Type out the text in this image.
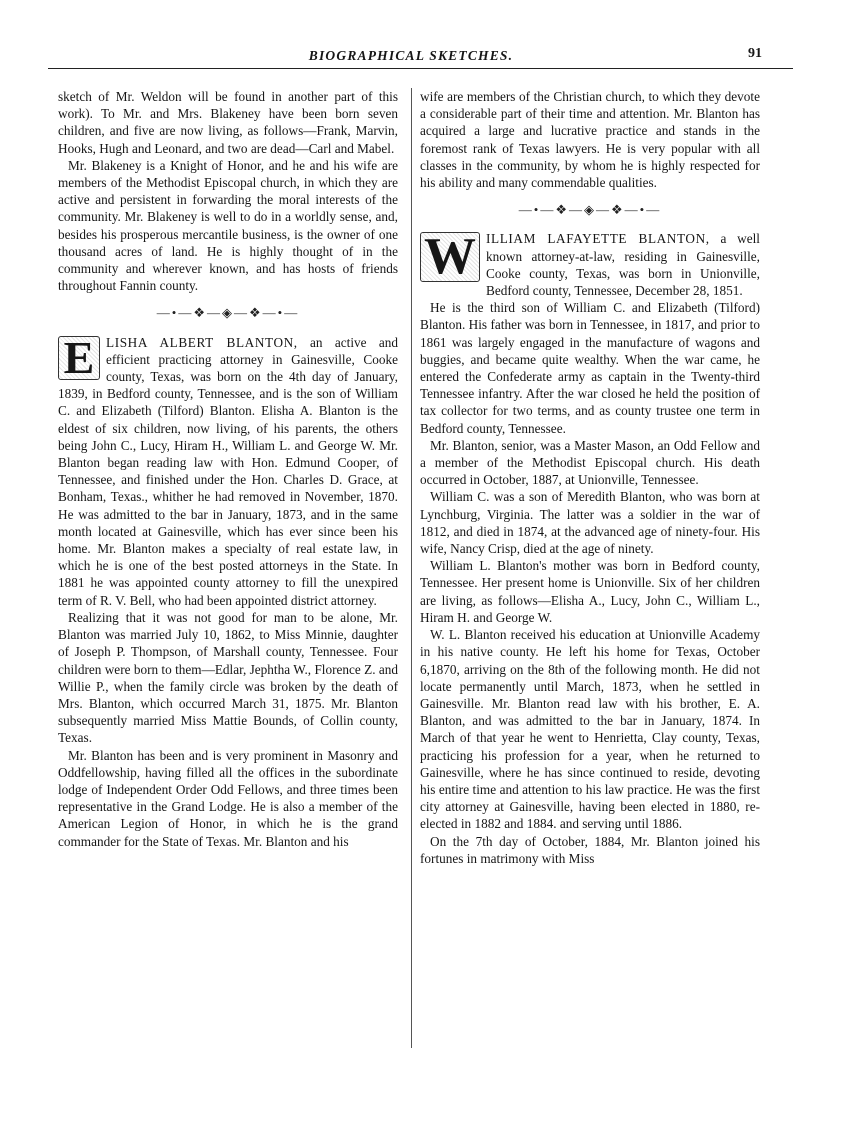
BIOGRAPHICAL SKETCHES.	91

sketch of Mr. Weldon will be found in another part of this work). To Mr. and Mrs. Blakeney have been born seven children, and five are now living, as follows—Frank, Marvin, Hooks, Hugh and Leonard, and two are dead—Carl and Mabel.

Mr. Blakeney is a Knight of Honor, and he and his wife are members of the Methodist Episcopal church, in which they are active and persistent in forwarding the moral interests of the community. Mr. Blakeney is well to do in a worldly sense, and, besides his prosperous mercantile business, is the owner of one thousand acres of land. He is highly thought of in the community and wherever known, and has hosts of friends throughout Fannin county.

—•—❖—◈—❖—•—

E LISHA ALBERT BLANTON, an active and efficient practicing attorney in Gainesville, Cooke county, Texas, was born on the 4th day of January, 1839, in Bedford county, Tennessee, and is the son of William C. and Elizabeth (Tilford) Blanton. Elisha A. Blanton is the eldest of six children, now living, of his parents, the others being John C., Lucy, Hiram H., William L. and George W. Mr. Blanton began reading law with Hon. Edmund Cooper, of Tennessee, and finished under the Hon. Charles D. Grace, at Bonham, Texas., whither he had removed in November, 1870. He was admitted to the bar in January, 1873, and in the same month located at Gainesville, which has ever since been his home. Mr. Blanton makes a specialty of real estate law, in which he is one of the best posted attorneys in the State. In 1881 he was appointed county attorney to fill the unexpired term of R. V. Bell, who had been appointed district attorney.

Realizing that it was not good for man to be alone, Mr. Blanton was married July 10, 1862, to Miss Minnie, daughter of Joseph P. Thompson, of Marshall county, Tennessee. Four children were born to them—Edlar, Jephtha W., Florence Z. and Willie P., when the family circle was broken by the death of Mrs. Blanton, which occurred March 31, 1875. Mr. Blanton subsequently married Miss Mattie Bounds, of Collin county, Texas.

Mr. Blanton has been and is very prominent in Masonry and Oddfellowship, having filled all the offices in the subordinate lodge of Independent Order Odd Fellows, and three times been representative in the Grand Lodge. He is also a member of the American Legion of Honor, in which he is the grand commander for the State of Texas. Mr. Blanton and his

wife are members of the Christian church, to which they devote a considerable part of their time and attention. Mr. Blanton has acquired a large and lucrative practice and stands in the foremost rank of Texas lawyers. He is very popular with all classes in the community, by whom he is highly respected for his ability and many commendable qualities.

—•—❖—◈—❖—•—

W ILLIAM LAFAYETTE BLANTON, a well known attorney-at-law, residing in Gainesville, Cooke county, Texas, was born in Unionville, Bedford county, Tennessee, December 28, 1851.

He is the third son of William C. and Elizabeth (Tilford) Blanton. His father was born in Tennessee, in 1817, and prior to 1861 was largely engaged in the manufacture of wagons and buggies, and became quite wealthy. When the war came, he entered the Confederate army as captain in the Twenty-third Tennessee infantry. After the war closed he held the position of tax collector for two terms, and as county trustee one term in Bedford county, Tennessee.

Mr. Blanton, senior, was a Master Mason, an Odd Fellow and a member of the Methodist Episcopal church. His death occurred in October, 1887, at Unionville, Tennessee.

William C. was a son of Meredith Blanton, who was born at Lynchburg, Virginia. The latter was a soldier in the war of 1812, and died in 1874, at the advanced age of ninety-four. His wife, Nancy Crisp, died at the age of ninety.

William L. Blanton's mother was born in Bedford county, Tennessee. Her present home is Unionville. Six of her children are living, as follows—Elisha A., Lucy, John C., William L., Hiram H. and George W.

W. L. Blanton received his education at Unionville Academy in his native county. He left his home for Texas, October 6,1870, arriving on the 8th of the following month. He did not locate permanently until March, 1873, when he settled in Gainesville. Mr. Blanton read law with his brother, E. A. Blanton, and was admitted to the bar in January, 1874. In March of that year he went to Henrietta, Clay county, Texas, practicing his profession for a year, when he returned to Gainesville, where he has since continued to reside, devoting his entire time and attention to his law practice. He was the first city attorney at Gainesville, having been elected in 1880, re-elected in 1882 and 1884. and serving until 1886.

On the 7th day of October, 1884, Mr. Blanton joined his fortunes in matrimony with Miss
